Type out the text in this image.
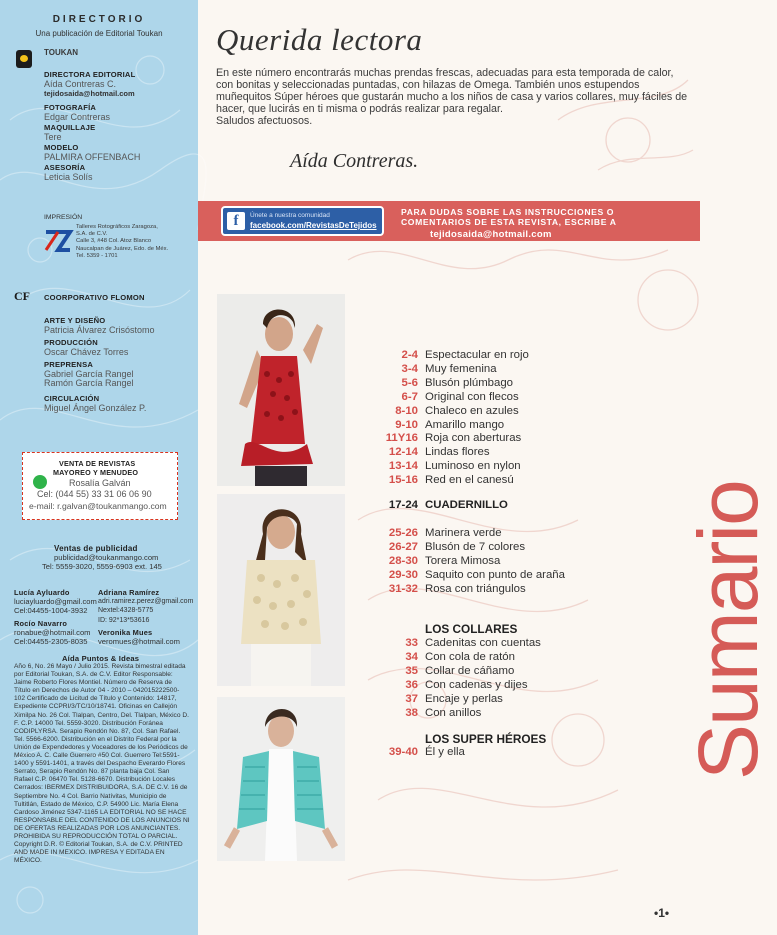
DIRECTORIO
Una publicación de Editorial Toukan
TOUKAN
DIRECTORA EDITORIAL
Aída Contreras C.
tejidosaida@hotmail.com
FOTOGRAFÍA
Edgar Contreras
MAQUILLAJE
Tere
MODELO
PALMIRA OFFENBACH
ASESORÍA
Leticia Solís
IMPRESIÓN
Talleres Rotográficos Zaragoza,
S.A. de C.V.
Calle 3, #48 Col. Atoz Blanco
Naucalpan de Juárez, Edo. de Méx.
Tel. 5359 - 1701
CF COORPORATIVO FLOMON
ARTE Y DISEÑO
Patricia Álvarez Crisóstomo
PRODUCCIÓN
Oscar Chávez Torres
PREPRENSA
Gabriel García Rangel
Ramón García Rangel
CIRCULACIÓN
Miguel Ángel González P.
VENTA DE REVISTAS
MAYOREO Y MENUDEO
Rosalía Galván
Cel: (044 55) 33 31 06 06 90
e-mail: r.galvan@toukanmango.com
Ventas de publicidad
publicidad@toukanmango.com
Tel: 5559-3020, 5559-6903 ext. 145
Lucía Ayluardo
luciayluardo@gmail.com
Cel:04455-1004-3932
Adriana Ramírez
adri.ramirez.perez@gmail.com
Nextel:4328-5775
ID: 92*13*53616
Rocío Navarro
ronabue@hotmail.com
Cel:04455-2305-8035
Veronika Mues
veromues@hotmail.com
Aída Puntos & Ideas
Año 6, No. 26 Mayo / Julio 2015. Revista bimestral editada por Editorial Toukan, S.A. de C.V. Editor Responsable: Jaime Roberto Flores Montiel. Número de Reserva de Título en Derechos de Autor 04 - 2010 – 042015222500-102 Certificado de Licitud de Título y Contenido: 14817, Expediente CCPRI/3/TC/10/18741. Oficinas en Callejón Ximilpa No. 26 Col. Tlalpan, Centro, Del. Tlalpan, México D. F. C.P. 14000 Tel. 5559-3020. Distribución Foránea CODIPLYRSA. Serapio Rendón No. 87, Col. San Rafael. Tel. 5566-6200. Distribución en el Distrito Federal por la Unión de Expendedores y Voceadores de los Periódicos de México A. C. Calle Guerrero #50 Col. Guerrero Tel:5591-1400 y 5591-1401, a través del Despacho Everardo Flores Serrato, Serapio Rendón No. 87 planta baja Col. San Rafael C.P. 06470 Tel. 5128-6670. Distribución Locales Cerrados: IBERMEX DISTRIBUIDORA, S.A. DE C.V. 16 de Septiembre No. 4 Col. Barrio Natívitas, Municipio de Tultitlán, Estado de México, C.P. 54900 Lic. María Elena Cardoso Jiménez 5347-1165 LA EDITORIAL NO SE HACE RESPONSABLE DEL CONTENIDO DE LOS ANUNCIOS NI DE OFERTAS REALIZADAS POR LOS ANUNCIANTES. PROHIBIDA SU REPRODUCCIÓN TOTAL O PARCIAL. Copyright D.R. © Editorial Toukan, S.A. de C.V. PRINTED AND MADE IN MEXICO. IMPRESA Y EDITADA EN MÉXICO.
Querida lectora
En este número encontrarás muchas prendas frescas, adecuadas para esta temporada de calor, con bonitas y seleccionadas puntadas, con hilazas de Omega. También unos estupendos muñequitos Súper héroes que gustarán mucho a los niños de casa y varios collares, muy fáciles de hacer, que lucirás en ti misma o podrás realizar para regalar.
Saludos afectuosos.
Aída Contreras.
f	Únete a nuestra comunidad
facebook.com/RevistasDeTejidos
PARA DUDAS SOBRE LAS INSTRUCCIONES O
COMENTARIOS DE ESTA REVISTA, ESCRIBE A
tejidosaida@hotmail.com
2-4 Espectacular en rojo
3-4 Muy femenina
5-6 Blusón plúmbago
6-7 Original con flecos
8-10 Chaleco en azules
9-10 Amarillo mango
11Y16 Roja con aberturas
12-14 Lindas flores
13-14 Luminoso en nylon
15-16 Red en el canesú
17-24 CUADERNILLO
25-26 Marinera verde
26-27 Blusón de 7 colores
28-30 Torera Mimosa
29-30 Saquito con punto de araña
31-32 Rosa con triángulos
LOS COLLARES
33 Cadenitas con cuentas
34 Con cola de ratón
35 Collar de cáñamo
36 Con cadenas y dijes
37 Encaje y perlas
38 Con anillos
LOS SUPER HÉROES
39-40 Él y ella	Sumario
•1•
